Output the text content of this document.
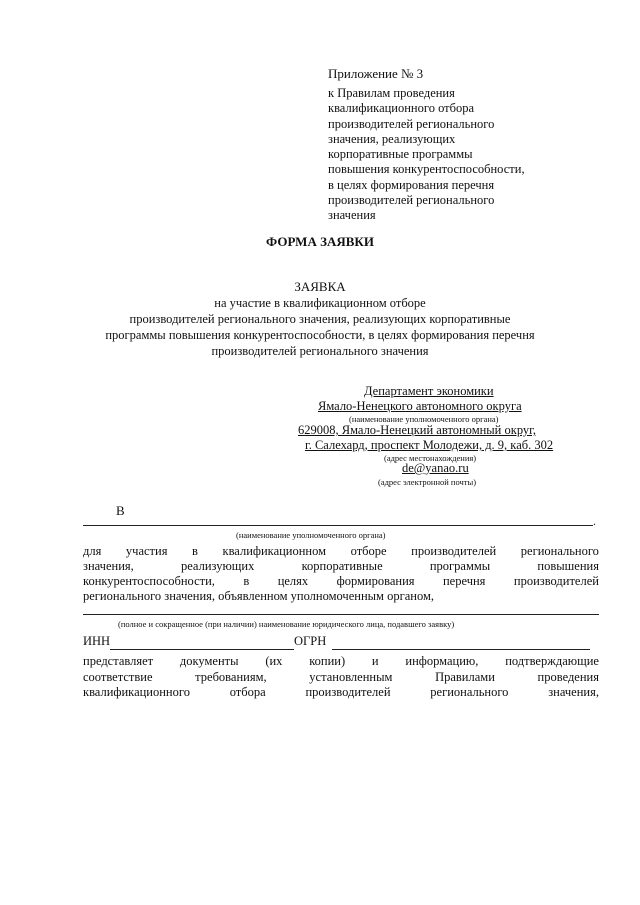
Приложение № 3
к Правилам проведения
квалификационного отбора
производителей регионального
значения, реализующих
корпоративные программы
повышения конкурентоспособности,
в целях формирования перечня
производителей регионального
значения
ФОРМА ЗАЯВКИ
ЗАЯВКА
на участие в квалификационном отборе
производителей регионального значения, реализующих корпоративные
программы повышения конкурентоспособности, в целях формирования перечня
производителей регионального значения
Департамент экономики
Ямало-Ненецкого автономного округа
(наименование уполномоченного органа)
629008, Ямало-Ненецкий автономный округ,
г. Салехард, проспект Молодежи, д. 9, каб. 302
(адрес местонахождения)
de@yanao.ru
(адрес электронной почты)
В
.
(наименование уполномоченного органа)
для участия в квалификационном отборе производителей регионального
значения,	реализующих	корпоративные	программы	повышения
конкурентоспособности, в целях формирования перечня производителей
регионального значения, объявленном уполномоченным органом,
(полное и сокращенное (при наличии) наименование юридического лица, подавшего заявку)
ИНН	ОГРН
представляет документы (их копии) и информацию, подтверждающие
соответствие	требованиям,	установленным	Правилами	проведения
квалификационного	отбора	производителей	регионального	значения,
